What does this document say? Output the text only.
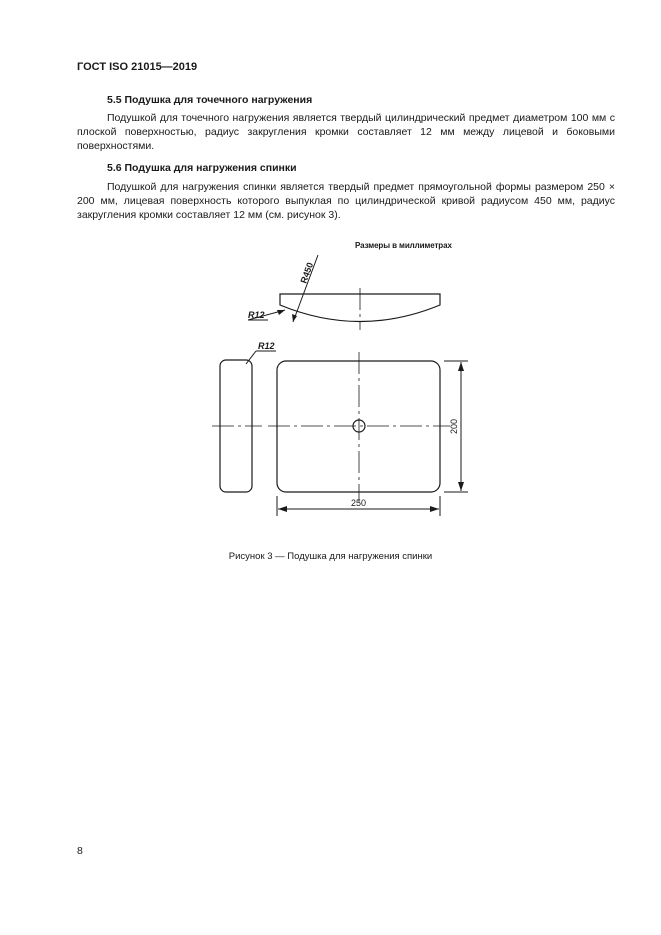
ГОСТ ISO 21015—2019
5.5 Подушка для точечного нагружения
Подушкой для точечного нагружения является твердый цилиндрический предмет диаметром 100 мм с плоской поверхностью, радиус закругления кромки составляет 12 мм между лицевой и боковыми поверхностями.
5.6 Подушка для нагружения спинки
Подушкой для нагружения спинки является твердый предмет прямоугольной формы размером 250 × 200 мм, лицевая поверхность которого выпуклая по цилиндрической кривой радиусом 450 мм, радиус закругления кромки составляет 12 мм (см. рисунок 3).
Размеры в миллиметрах
R450
R12
R12
200
250
Рисунок 3 — Подушка для нагружения спинки
8
